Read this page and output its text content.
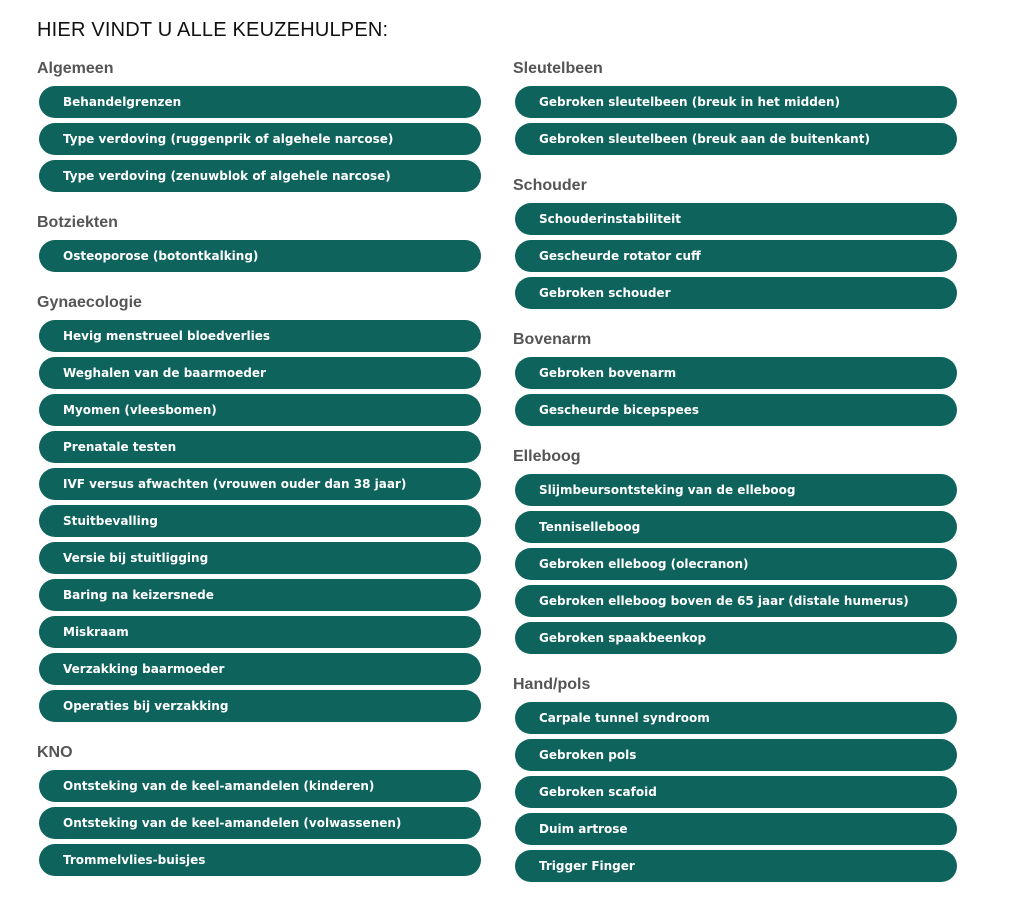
HIER VINDT U ALLE KEUZEHULPEN:
Algemeen
Behandelgrenzen
Type verdoving (ruggenprik of algehele narcose)
Type verdoving (zenuwblok of algehele narcose)
Botziekten
Osteoporose (botontkalking)
Gynaecologie
Hevig menstrueel bloedverlies
Weghalen van de baarmoeder
Myomen (vleesbomen)
Prenatale testen
IVF versus afwachten (vrouwen ouder dan 38 jaar)
Stuitbevalling
Versie bij stuitligging
Baring na keizersnede
Miskraam
Verzakking baarmoeder
Operaties bij verzakking
KNO
Ontsteking van de keel-amandelen (kinderen)
Ontsteking van de keel-amandelen (volwassenen)
Trommelvlies-buisjes
Sleutelbeen
Gebroken sleutelbeen (breuk in het midden)
Gebroken sleutelbeen (breuk aan de buitenkant)
Schouder
Schouderinstabiliteit
Gescheurde rotator cuff
Gebroken schouder
Bovenarm
Gebroken bovenarm
Gescheurde bicepspees
Elleboog
Slijmbeursontsteking van de elleboog
Tenniselleboog
Gebroken elleboog (olecranon)
Gebroken elleboog boven de 65 jaar (distale humerus)
Gebroken spaakbeenkop
Hand/pols
Carpale tunnel syndroom
Gebroken pols
Gebroken scafoid
Duim artrose
Trigger Finger
